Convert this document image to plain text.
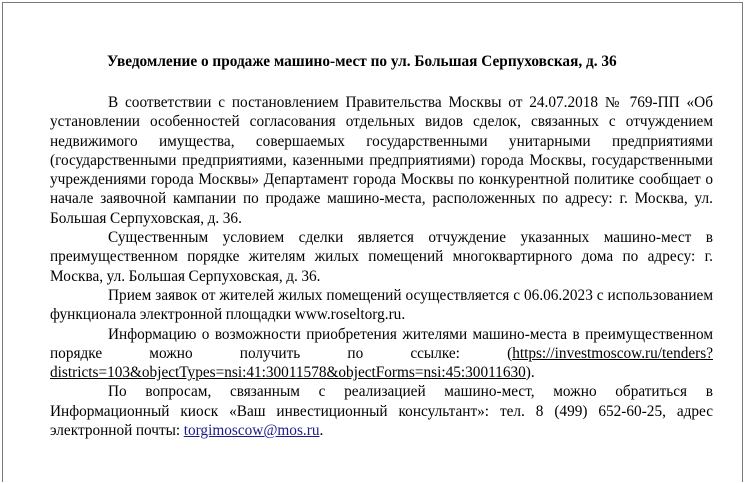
Уведомление о продаже машино-мест по ул. Большая Серпуховская, д. 36

В соответствии с постановлением Правительства Москвы от 24.07.2018 № 769-ПП «Об установлении особенностей согласования отдельных видов сделок, связанных с отчуждением недвижимого имущества, совершаемых государственными унитарными предприятиями (государственными предприятиями, казенными предприятиями) города Москвы, государственными учреждениями города Москвы» Департамент города Москвы по конкурентной политике сообщает о начале заявочной кампании по продаже машино-места, расположенных по адресу: г. Москва, ул. Большая Серпуховская, д. 36.

Существенным условием сделки является отчуждение указанных машино-мест в преимущественном порядке жителям жилых помещений многоквартирного дома по адресу: г. Москва, ул. Большая Серпуховская, д. 36.

Прием заявок от жителей жилых помещений осуществляется с 06.06.2023 с использованием функционала электронной площадки www.roseltorg.ru.

Информацию о возможности приобретения жителями машино-места в преимущественном порядке можно получить по ссылке: (https://investmoscow.ru/tenders?districts=103&objectTypes=nsi:41:30011578&objectForms=nsi:45:30011630).

По вопросам, связанным с реализацией машино-мест, можно обратиться в Информационный киоск «Ваш инвестиционный консультант»: тел. 8 (499) 652-60-25, адрес электронной почты: torgimoscow@mos.ru.
